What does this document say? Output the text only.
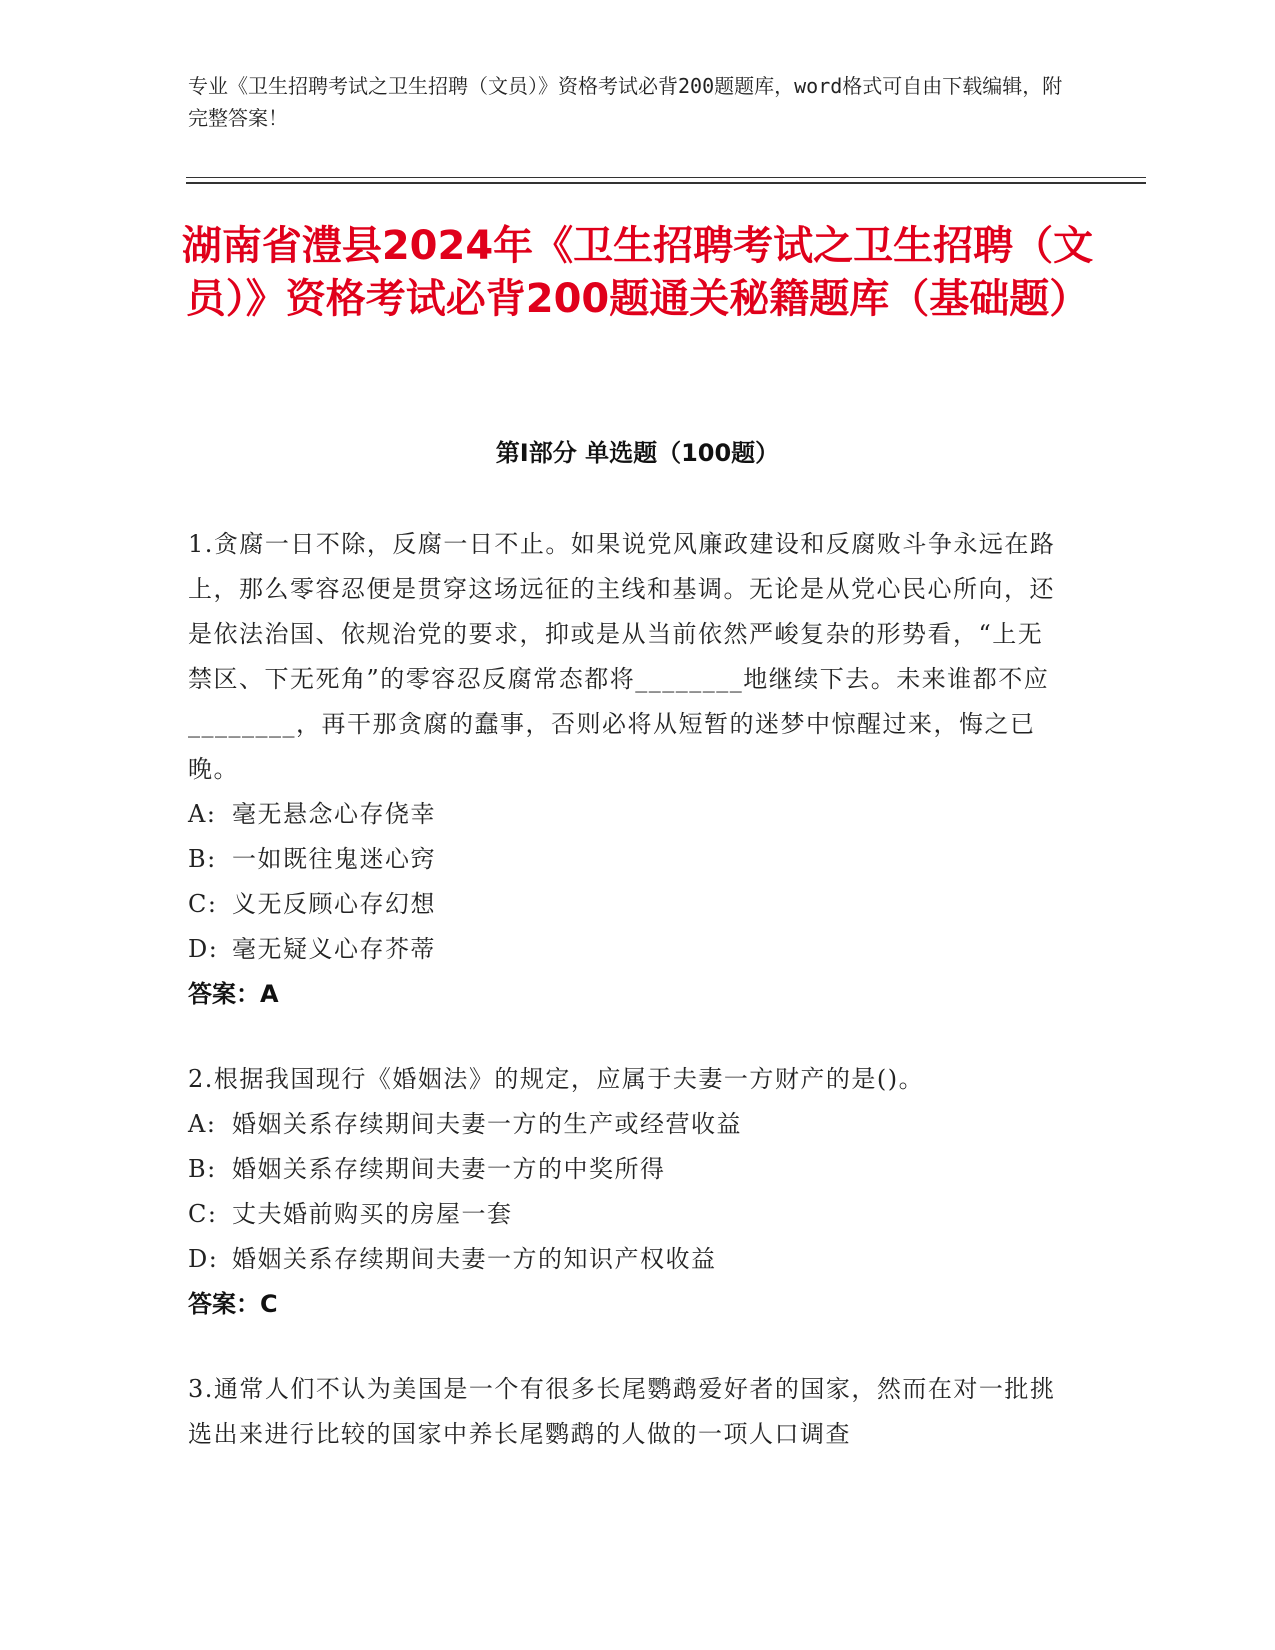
专业《卫生招聘考试之卫生招聘（文员）》资格考试必背200题题库，word格式可自由下载编辑，附完整答案！
湖南省澧县2024年《卫生招聘考试之卫生招聘（文员）》资格考试必背200题通关秘籍题库（基础题）
第Ⅰ部分 单选题（100题）
1.贪腐一日不除，反腐一日不止。如果说党风廉政建设和反腐败斗争永远在路上，那么零容忍便是贯穿这场远征的主线和基调。无论是从党心民心所向，还是依法治国、依规治党的要求，抑或是从当前依然严峻复杂的形势看，“上无禁区、下无死角”的零容忍反腐常态都将________地继续下去。未来谁都不应________，再干那贪腐的蠢事，否则必将从短暂的迷梦中惊醒过来，悔之已晚。
A: 毫无悬念心存侥幸
B: 一如既往鬼迷心窍
C: 义无反顾心存幻想
D: 毫无疑义心存芥蒂
答案：A
2.根据我国现行《婚姻法》的规定，应属于夫妻一方财产的是()。
A: 婚姻关系存续期间夫妻一方的生产或经营收益
B: 婚姻关系存续期间夫妻一方的中奖所得
C: 丈夫婚前购买的房屋一套
D: 婚姻关系存续期间夫妻一方的知识产权收益
答案：C
3.通常人们不认为美国是一个有很多长尾鹦鹉爱好者的国家，然而在对一批挑选出来进行比较的国家中养长尾鹦鹉的人做的一项人口调查
